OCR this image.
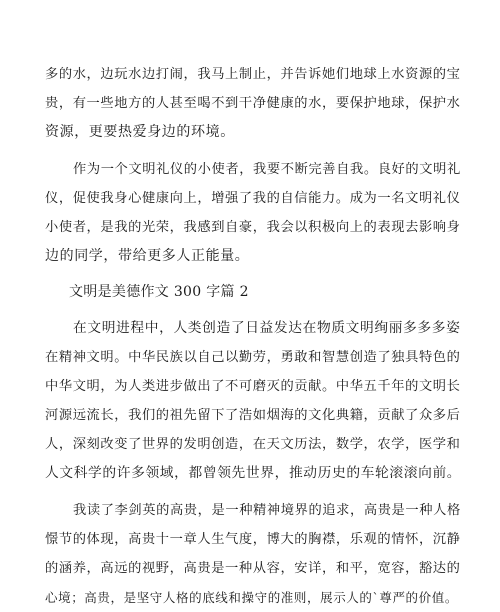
多的水，边玩水边打闹，我马上制止，并告诉她们地球上水资源的宝
贵，有一些地方的人甚至喝不到干净健康的水，要保护地球，保护水
资源，更要热爱身边的环境。

作为一个文明礼仪的小使者，我要不断完善自我。良好的文明礼
仪，促使我身心健康向上，增强了我的自信能力。成为一名文明礼仪
小使者，是我的光荣，我感到自豪，我会以积极向上的表现去影响身
边的同学，带给更多人正能量。

文明是美德作文 300 字篇 2

在文明进程中，人类创造了日益发达在物质文明绚丽多多多姿
在精神文明。中华民族以自己以勤劳，勇敢和智慧创造了独具特色的
中华文明，为人类进步做出了不可磨灭的贡献。中华五千年的文明长
河源远流长，我们的祖先留下了浩如烟海的文化典籍，贡献了众多后
人，深刻改变了世界的发明创造，在天文历法，数学，农学，医学和
人文科学的许多领域，都曾领先世界，推动历史的车轮滚滚向前。

我读了李剑英的高贵，是一种精神境界的追求，高贵是一种人格
憬节的体现，高贵十一章人生气度，博大的胸襟，乐观的情怀，沉静
的涵养，高远的视野，高贵是一种从容，安详，和平，宽容，豁达的
心境；高贵，是坚守人格的底线和操守的准则，展示人的`尊严的价值。
